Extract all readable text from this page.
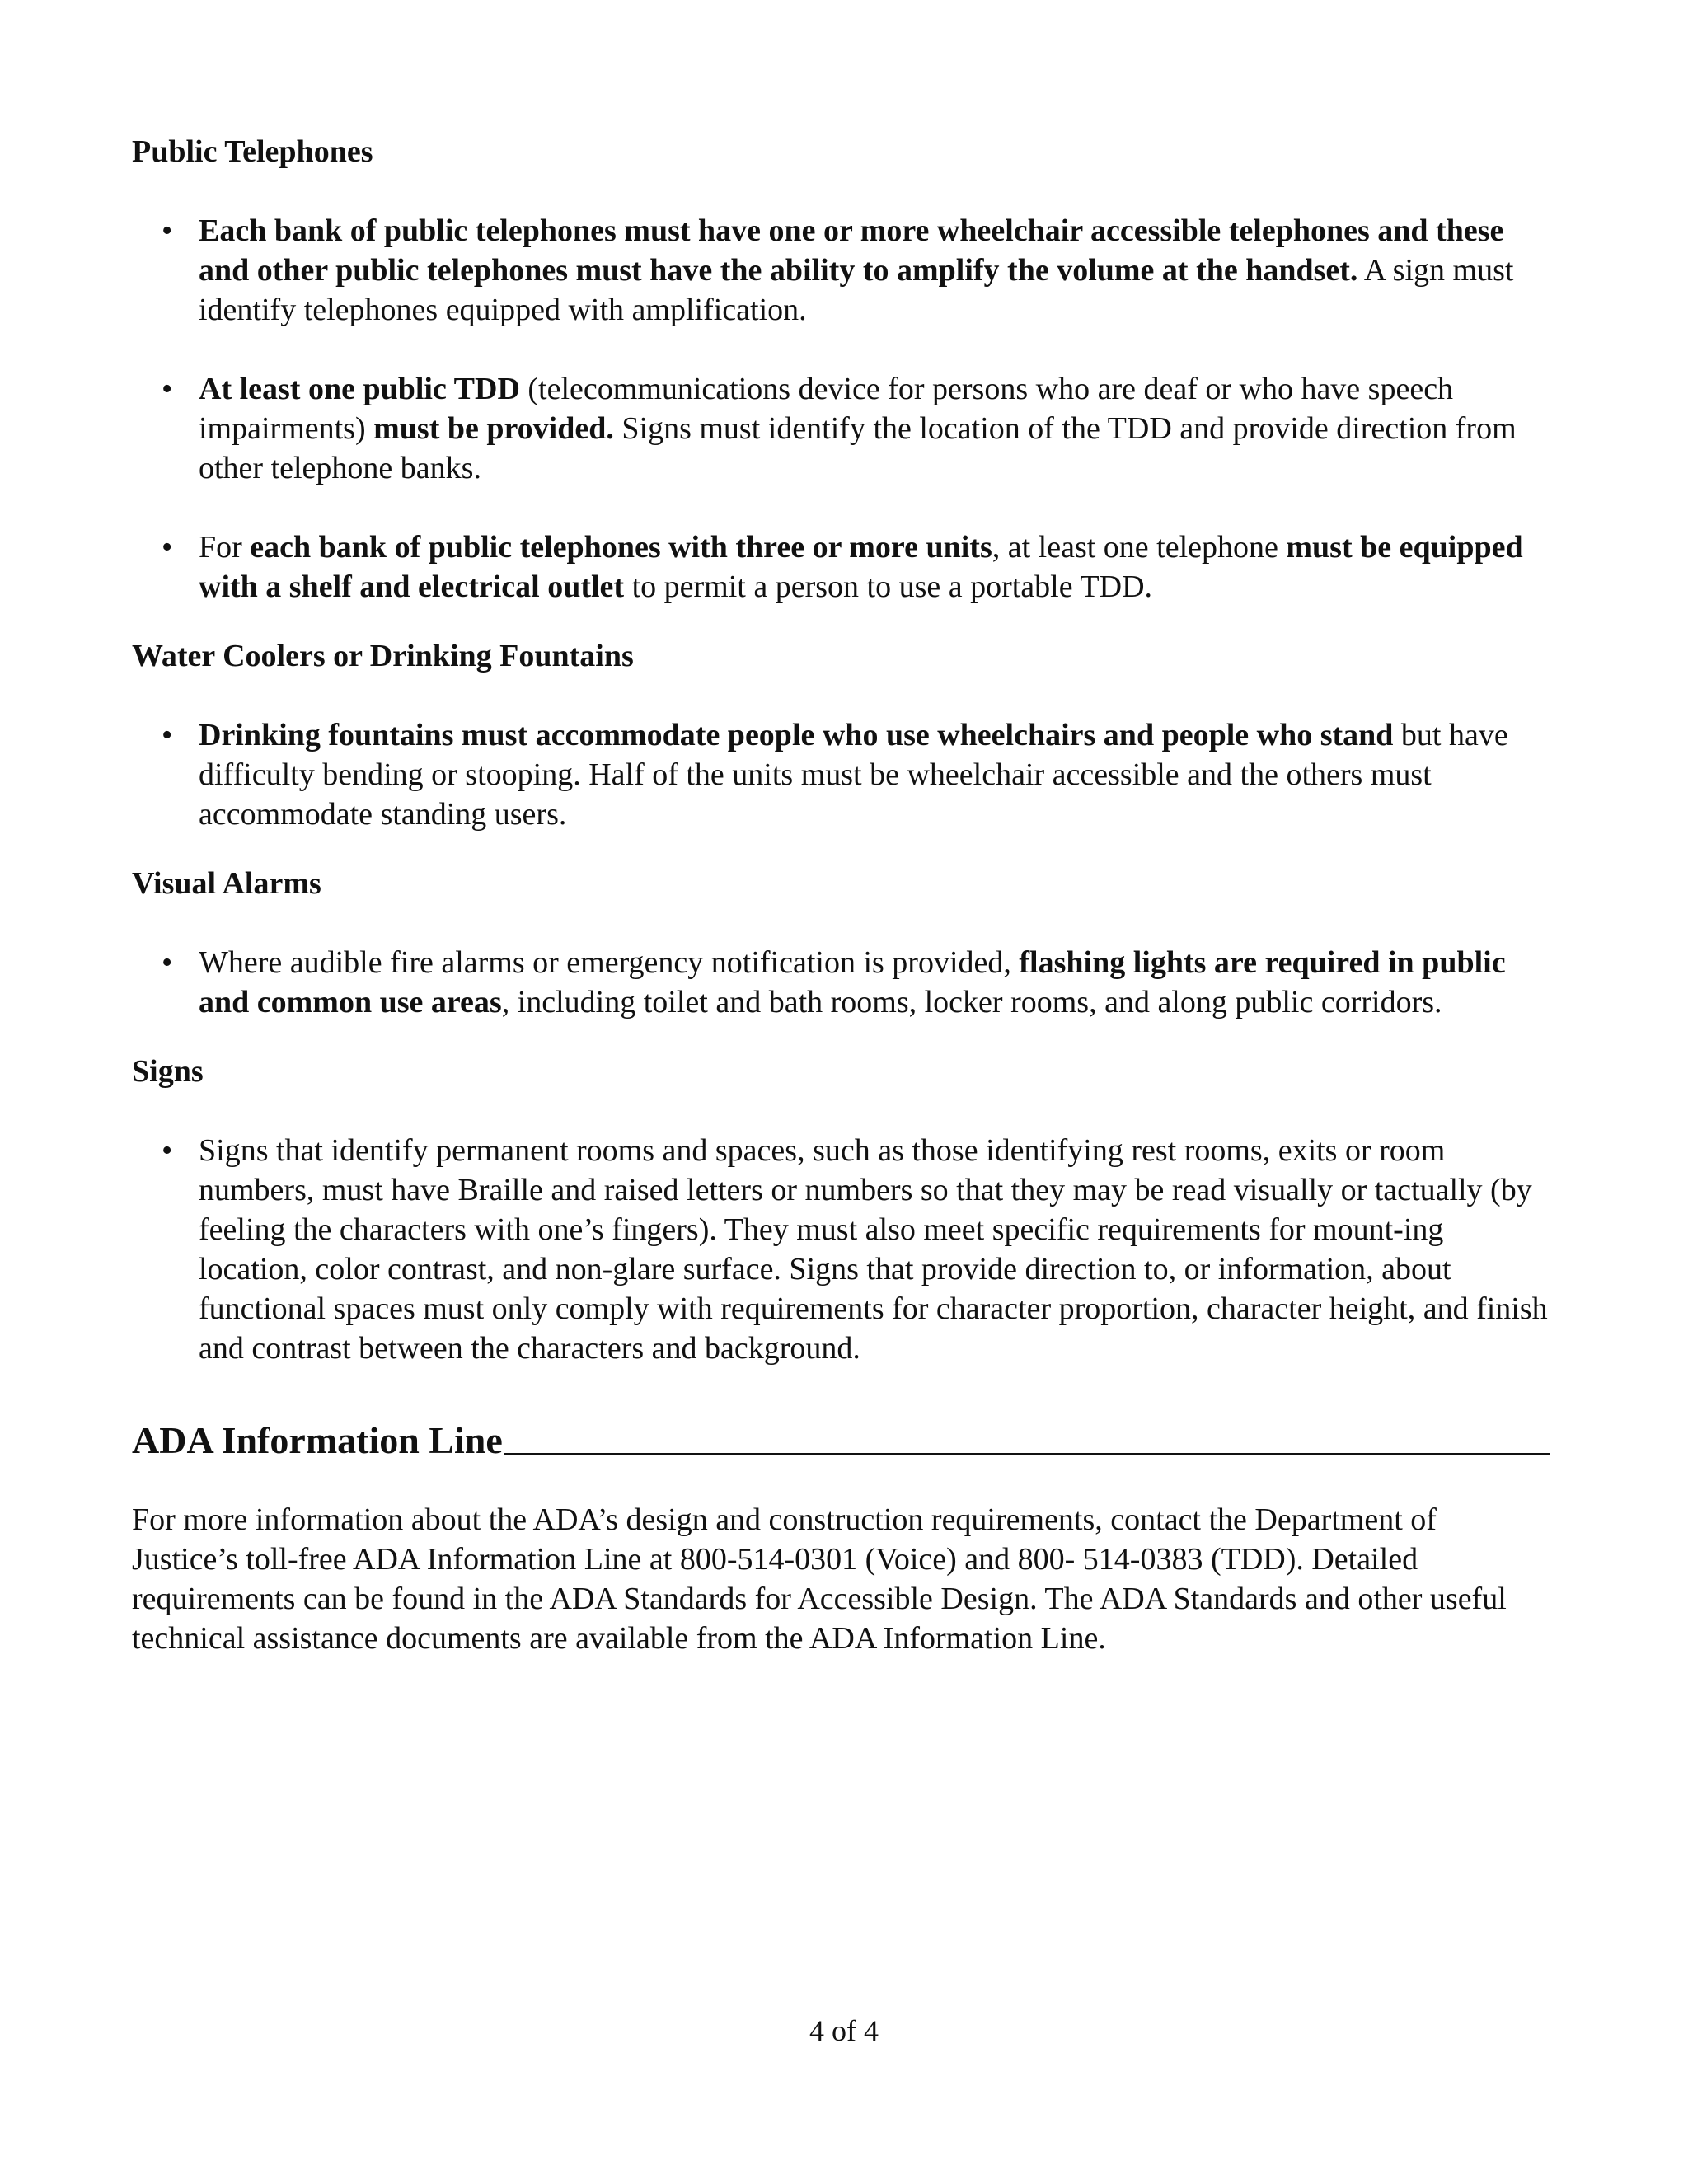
Public Telephones
• Each bank of public telephones must have one or more wheelchair accessible telephones and these and other public telephones must have the ability to amplify the volume at the handset. A sign must identify telephones equipped with amplification.
• At least one public TDD (telecommunications device for persons who are deaf or who have speech impairments) must be provided. Signs must identify the location of the TDD and provide direction from other telephone banks.
• For each bank of public telephones with three or more units, at least one telephone must be equipped with a shelf and electrical outlet to permit a person to use a portable TDD.
Water Coolers or Drinking Fountains
• Drinking fountains must accommodate people who use wheelchairs and people who stand but have difficulty bending or stooping. Half of the units must be wheelchair accessible and the others must accommodate standing users.
Visual Alarms
• Where audible fire alarms or emergency notification is provided, flashing lights are required in public and common use areas, including toilet and bath rooms, locker rooms, and along public corridors.
Signs
• Signs that identify permanent rooms and spaces, such as those identifying rest rooms, exits or room numbers, must have Braille and raised letters or numbers so that they may be read visually or tactually (by feeling the characters with one’s fingers). They must also meet specific requirements for mount-ing location, color contrast, and non-glare surface. Signs that provide direction to, or information, about functional spaces must only comply with requirements for character proportion, character height, and finish and contrast between the characters and background.
ADA Information Line

For more information about the ADA’s design and construction requirements, contact the Department of Justice’s toll-free ADA Information Line at 800-514-0301 (Voice) and 800- 514-0383 (TDD). Detailed requirements can be found in the ADA Standards for Accessible Design. The ADA Standards and other useful technical assistance documents are available from the ADA Information Line.

4 of 4
